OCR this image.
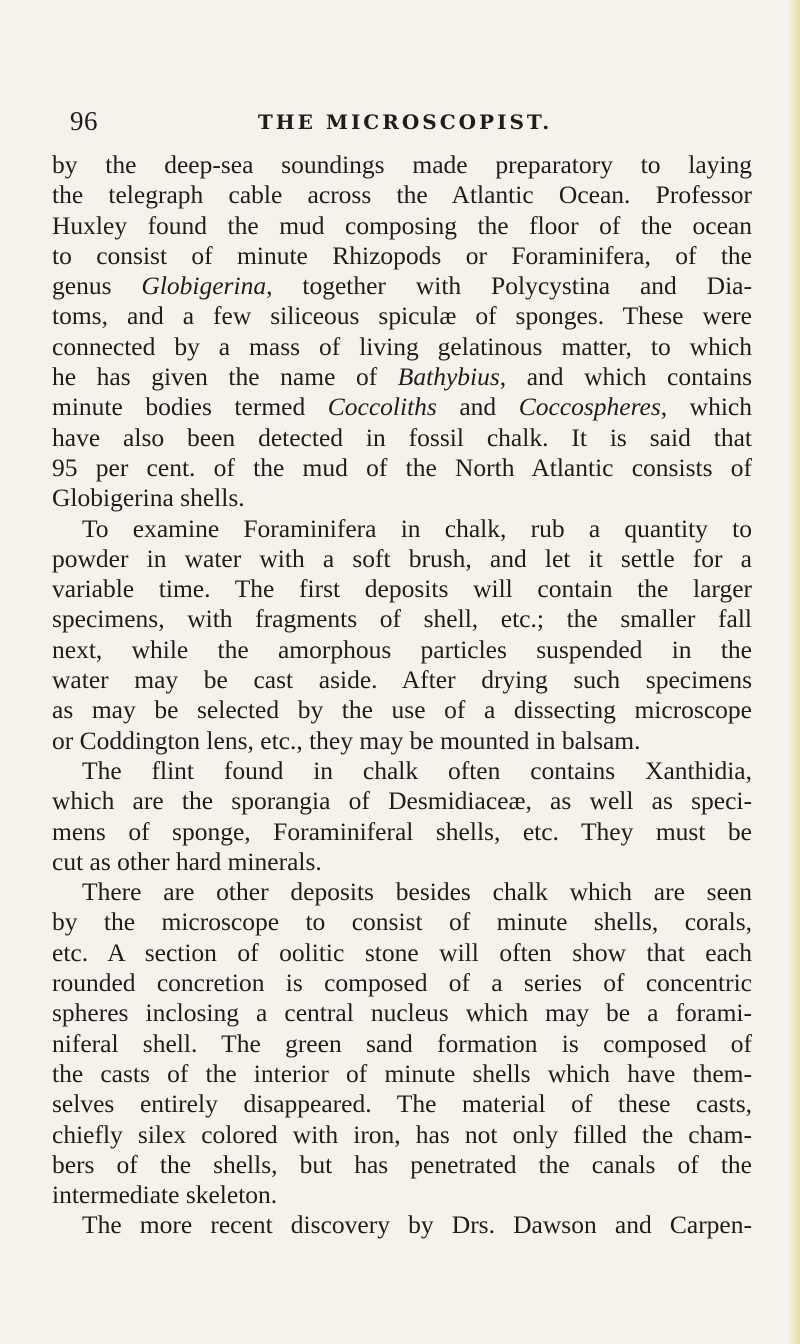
96	THE MICROSCOPIST.
by the deep-sea soundings made preparatory to laying
the telegraph cable across the Atlantic Ocean. Professor
Huxley found the mud composing the floor of the ocean
to consist of minute Rhizopods or Foraminifera, of the
genus Globigerina, together with Polycystina and Dia-
toms, and a few siliceous spiculæ of sponges. These were
connected by a mass of living gelatinous matter, to which
he has given the name of Bathybius, and which contains
minute bodies termed Coccoliths and Coccospheres, which
have also been detected in fossil chalk. It is said that
95 per cent. of the mud of the North Atlantic consists of
Globigerina shells.
To examine Foraminifera in chalk, rub a quantity to
powder in water with a soft brush, and let it settle for a
variable time. The first deposits will contain the larger
specimens, with fragments of shell, etc.; the smaller fall
next, while the amorphous particles suspended in the
water may be cast aside. After drying such specimens
as may be selected by the use of a dissecting microscope
or Coddington lens, etc., they may be mounted in balsam.
The flint found in chalk often contains Xanthidia,
which are the sporangia of Desmidiaceæ, as well as speci-
mens of sponge, Foraminiferal shells, etc. They must be
cut as other hard minerals.
There are other deposits besides chalk which are seen
by the microscope to consist of minute shells, corals,
etc. A section of oolitic stone will often show that each
rounded concretion is composed of a series of concentric
spheres inclosing a central nucleus which may be a forami-
niferal shell. The green sand formation is composed of
the casts of the interior of minute shells which have them-
selves entirely disappeared. The material of these casts,
chiefly silex colored with iron, has not only filled the cham-
bers of the shells, but has penetrated the canals of the
intermediate skeleton.
The more recent discovery by Drs. Dawson and Carpen-
